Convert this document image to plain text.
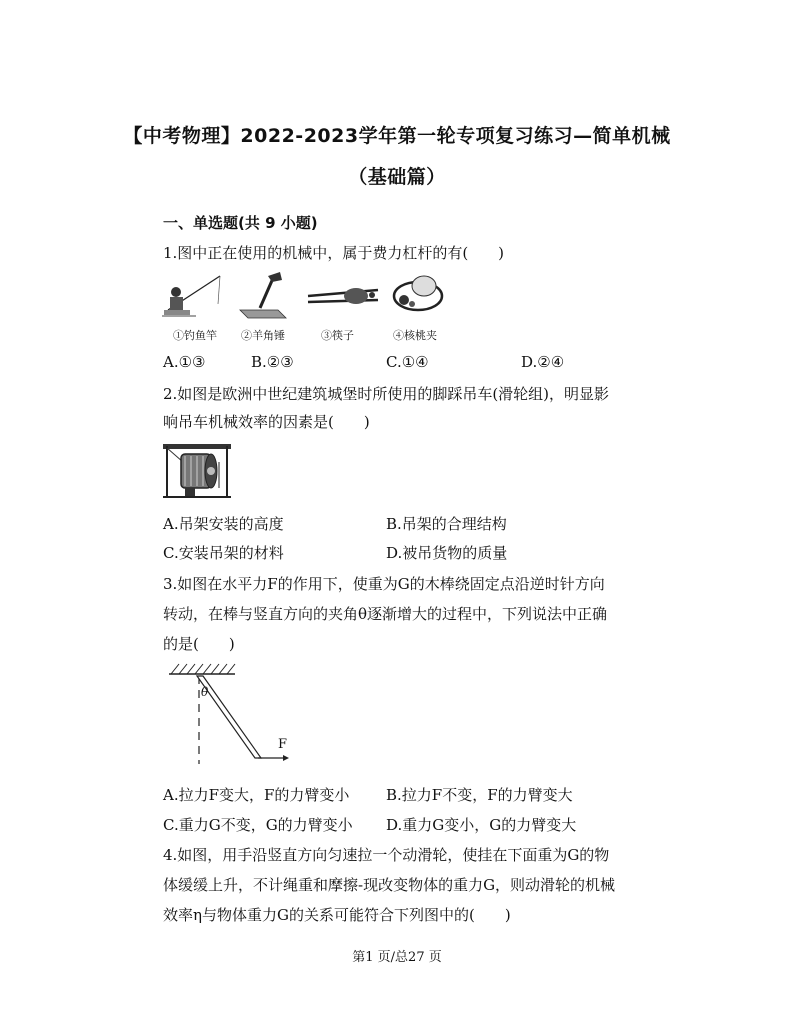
【中考物理】2022-2023学年第一轮专项复习练习—简单机械
（基础篇）
一、单选题(共 9 小题)
1.图中正在使用的机械中，属于费力杠杆的有(　　)
①钓鱼竿 ②羊角锤	③筷子	④核桃夹
A.①③	B.②③	C.①④	D.②④
2.如图是欧洲中世纪建筑城堡时所使用的脚踩吊车(滑轮组)，明显影
响吊车机械效率的因素是(　　)
A.吊架安装的高度	B.吊架的合理结构
C.安装吊架的材料	D.被吊货物的质量
3.如图在水平力F的作用下，使重为G的木棒绕固定点沿逆时针方向
转动，在棒与竖直方向的夹角θ逐渐增大的过程中，下列说法中正确
的是(　　)
θ
F
A.拉力F变大，F的力臂变小 B.拉力F不变，F的力臂变大
C.重力G不变，G的力臂变小 D.重力G变小，G的力臂变大
4.如图，用手沿竖直方向匀速拉一个动滑轮，使挂在下面重为G的物
体缓缓上升，不计绳重和摩擦-现改变物体的重力G，则动滑轮的机械
效率η与物体重力G的关系可能符合下列图中的(　　)
第1 页/总27 页
